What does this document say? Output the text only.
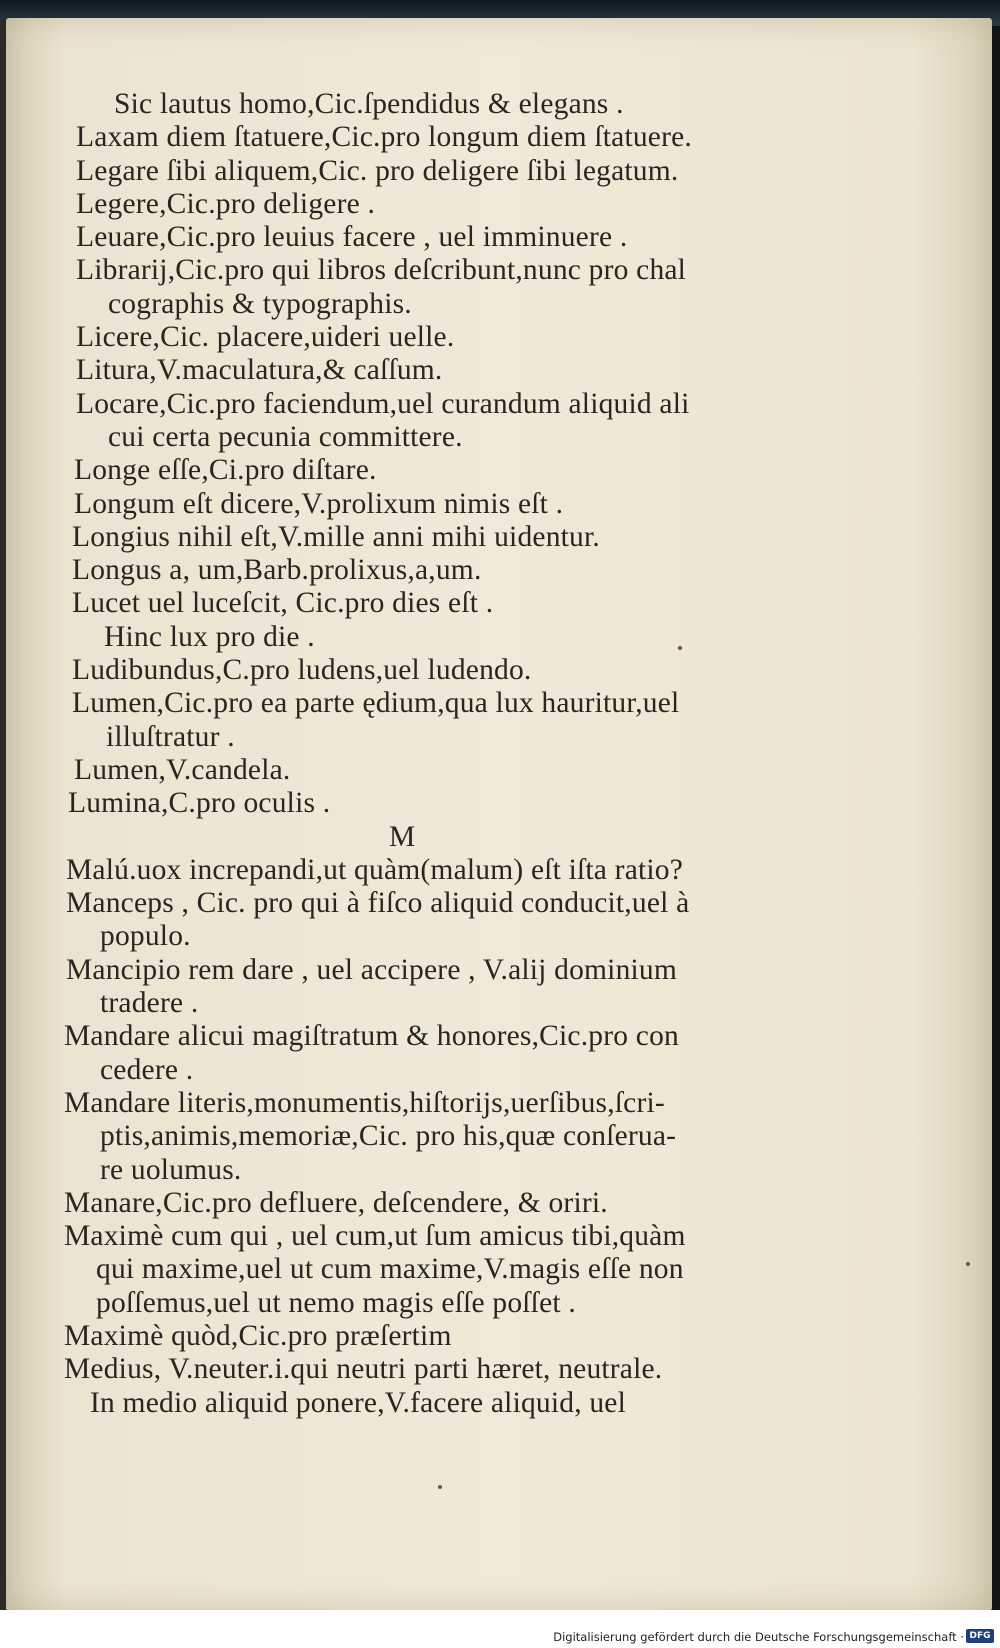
Sic lautus homo,Cic.ſpendidus & elegans .
Laxam diem ſtatuere,Cic.pro longum diem ſtatuere.
Legare ſibi aliquem,Cic. pro deligere ſibi legatum.
Legere,Cic.pro deligere .
Leuare,Cic.pro leuius facere , uel imminuere .
Librarij,Cic.pro qui libros deſcribunt,nunc pro chal
cographis & typographis.
Licere,Cic. placere,uideri uelle.
Litura,V.maculatura,& caſſum.
Locare,Cic.pro faciendum,uel curandum aliquid ali
cui certa pecunia committere.
Longe eſſe,Ci.pro diſtare.
Longum eſt dicere,V.prolixum nimis eſt .
Longius nihil eſt,V.mille anni mihi uidentur.
Longus a, um,Barb.prolixus,a,um.
Lucet uel luceſcit, Cic.pro dies eſt .
Hinc lux pro die .
Ludibundus,C.pro ludens,uel ludendo.
Lumen,Cic.pro ea parte ędium,qua lux hauritur,uel
illuſtratur .
Lumen,V.candela.
Lumina,C.pro oculis .
M
Malú.uox increpandi,ut quàm(malum) eſt iſta ratio?
Manceps , Cic. pro qui à fiſco aliquid conducit,uel à
populo.
Mancipio rem dare , uel accipere , V.alij dominium
tradere .
Mandare alicui magiſtratum & honores,Cic.pro con
cedere .
Mandare literis,monumentis,hiſtorijs,uerſibus,ſcri-
ptis,animis,memoriæ,Cic. pro his,quæ conſerua-
re uolumus.
Manare,Cic.pro defluere, deſcendere, & oriri.
Maximè cum qui , uel cum,ut ſum amicus tibi,quàm
qui maxime,uel ut cum maxime,V.magis eſſe non
poſſemus,uel ut nemo magis eſſe poſſet .
Maximè quòd,Cic.pro præſertim
Medius, V.neuter.i.qui neutri parti hæret, neutrale.
In medio aliquid ponere,V.facere aliquid, uel
Digitalisierung gefördert durch die Deutsche Forschungsgemeinschaft · DFG
